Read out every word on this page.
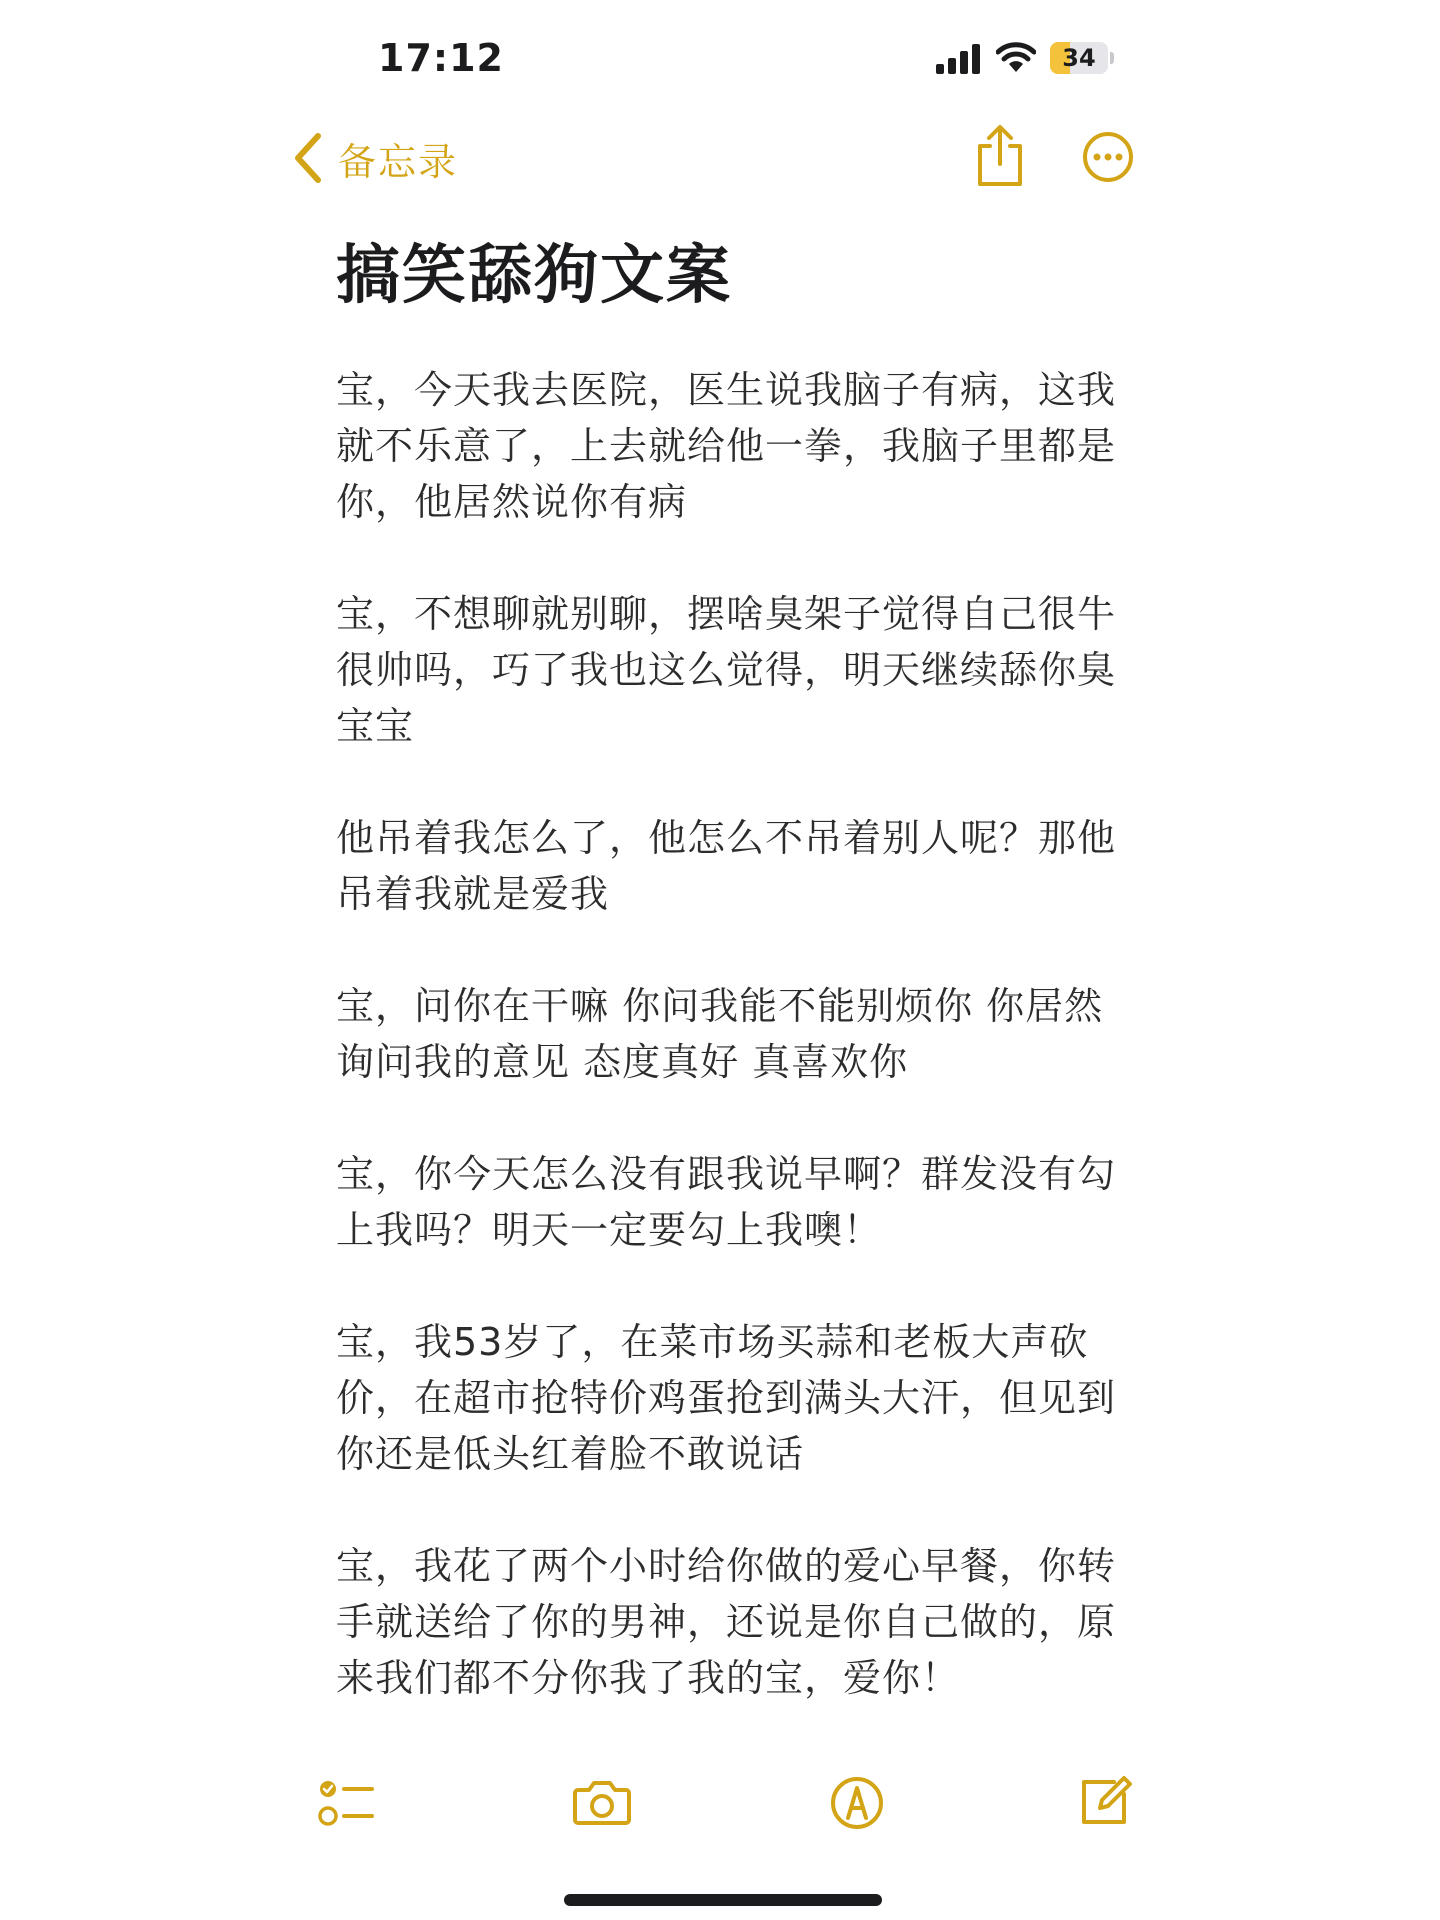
17:12	34
备忘录
搞笑舔狗文案

宝，今天我去医院，医生说我脑子有病，这我就不乐意了，上去就给他一拳，我脑子里都是你，他居然说你有病

宝，不想聊就别聊，摆啥臭架子觉得自己很牛很帅吗，巧了我也这么觉得，明天继续舔你臭宝宝

他吊着我怎么了，他怎么不吊着别人呢？那他吊着我就是爱我

宝，问你在干嘛 你问我能不能别烦你 你居然询问我的意见 态度真好 真喜欢你

宝，你今天怎么没有跟我说早啊？群发没有勾上我吗？明天一定要勾上我噢！

宝，我53岁了，在菜市场买蒜和老板大声砍价，在超市抢特价鸡蛋抢到满头大汗，但见到你还是低头红着脸不敢说话

宝，我花了两个小时给你做的爱心早餐，你转手就送给了你的男神，还说是你自己做的，原来我们都不分你我了我的宝，爱你！
